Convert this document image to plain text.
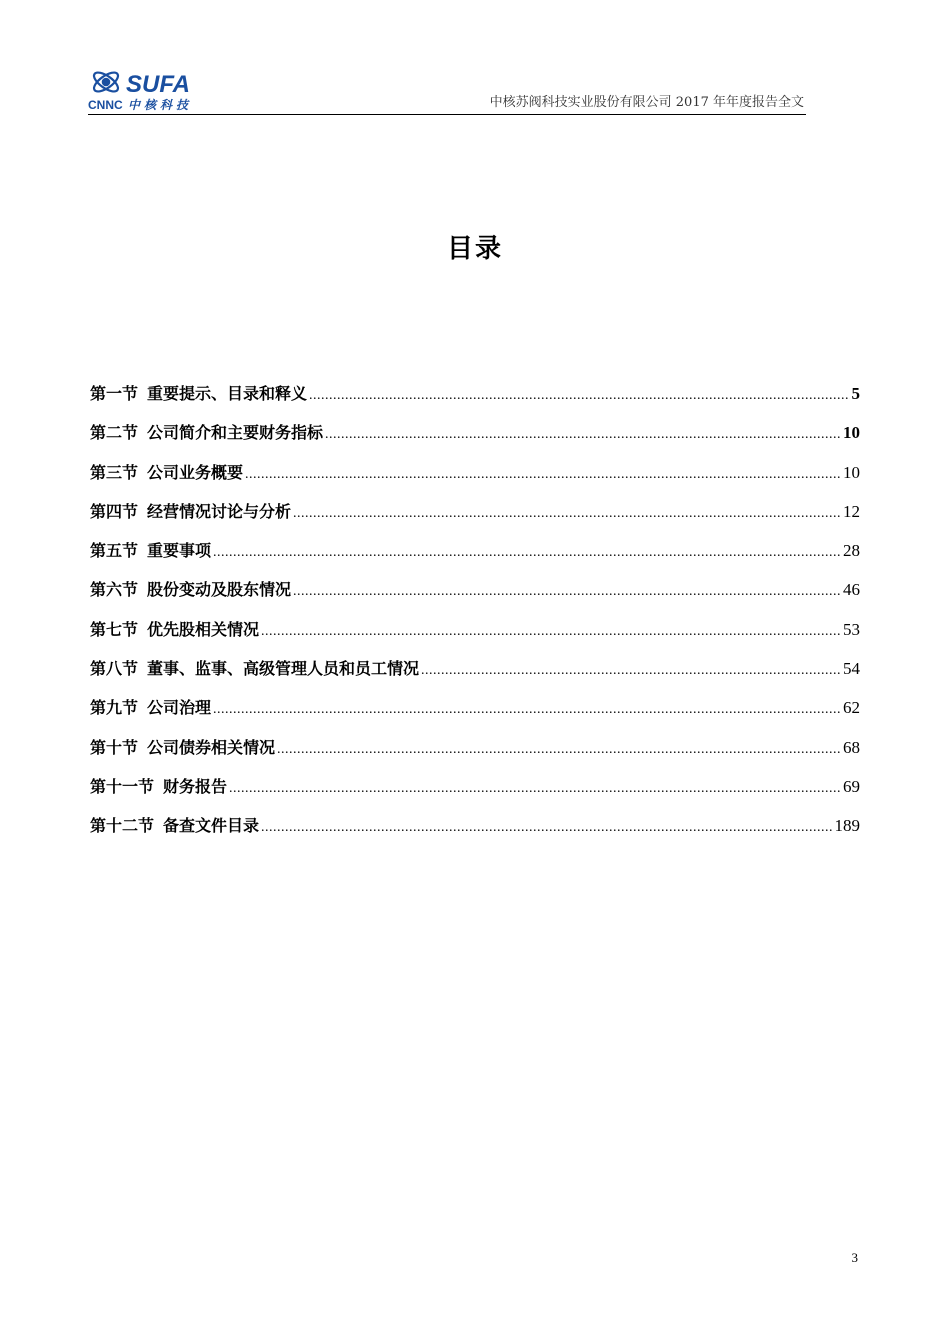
SUFA
CNNC 中核科技	中核苏阀科技实业股份有限公司 2017 年年度报告全文
目录
第一节 重要提示、目录和释义 .....	5
第二节 公司简介和主要财务指标 .....	10
第三节 公司业务概要 .....	10
第四节 经营情况讨论与分析 .....	12
第五节 重要事项 .....	28
第六节 股份变动及股东情况 .....	46
第七节 优先股相关情况 .....	53
第八节 董事、监事、高级管理人员和员工情况 .....	54
第九节 公司治理 .....	62
第十节 公司债券相关情况 .....	68
第十一节 财务报告 .....	69
第十二节 备查文件目录 .....	189
3
